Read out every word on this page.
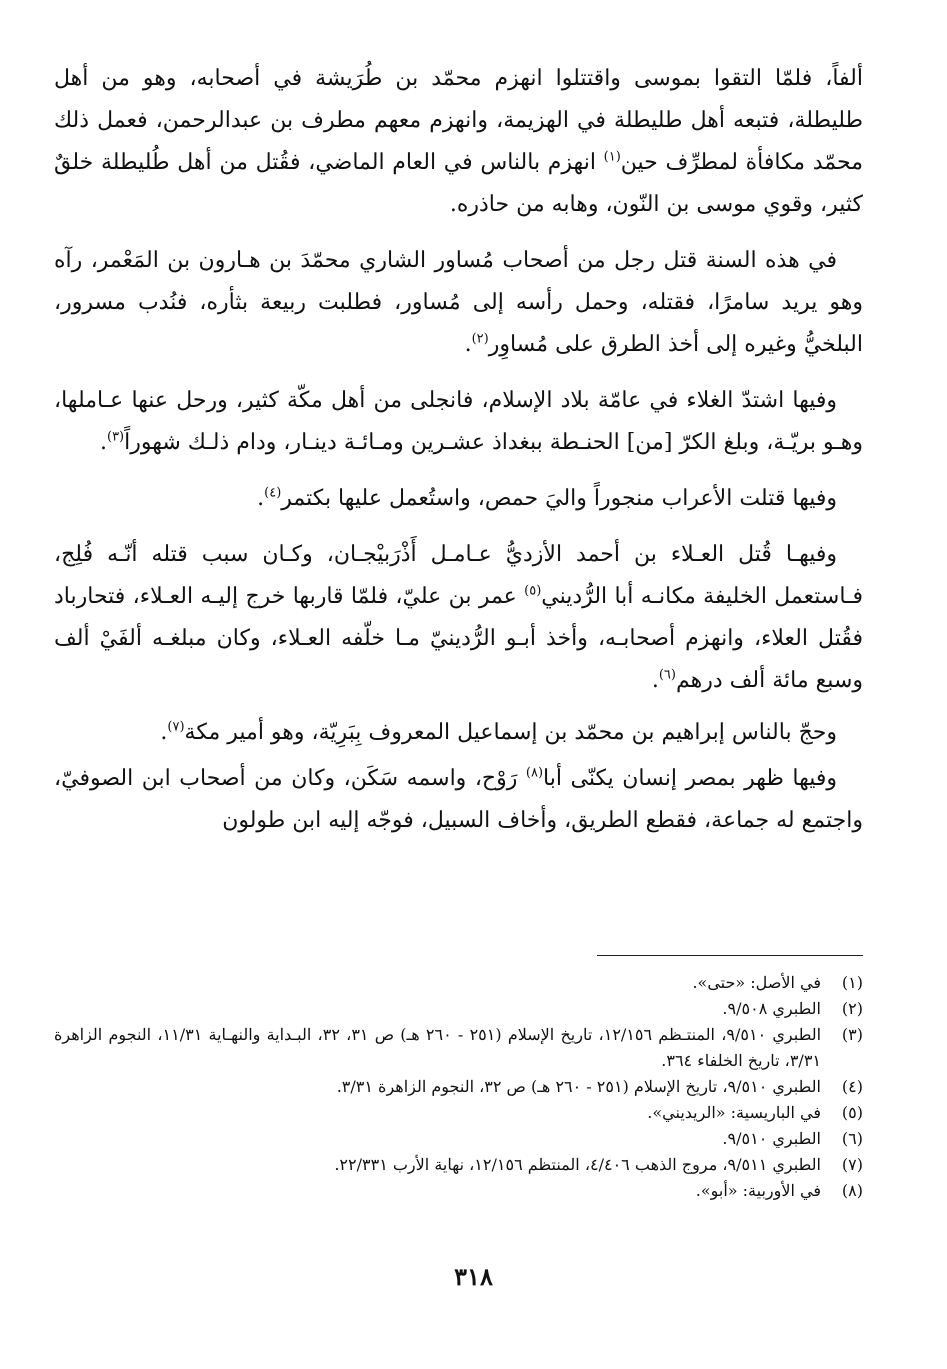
ألفاً، فلمّا التقوا بموسى واقتتلوا انهزم محمّد بن طُرَيشة في أصحابه، وهو من أهل طليطلة، فتبعه أهل طليطلة في الهزيمة، وانهزم معهم مطرف بن عبدالرحمن، فعمل ذلك محمّد مكافأة لمطرِّف حين$^{(١)}$ انهزم بالناس في العام الماضي، فقُتل من أهل طُليطلة خلقٌ كثير، وقوي موسى بن النّون، وهابه من حاذره.

في هذه السنة قتل رجل من أصحاب مُساور الشاري محمّدَ بن هـارون بن المَعْمر، رآه وهو يريد سامرًا، فقتله، وحمل رأسه إلى مُساور، فطلبت ربيعة بثأره، فنُدب مسرور، البلخيُّ وغيره إلى أخذ الطرق على مُساوِر$^{(٢)}$.

وفيها اشتدّ الغلاء في عامّة بلاد الإسلام، فانجلى من أهل مكّة كثير، ورحل عنها عـاملها، وهـو بريّـة، وبلغ الكرّ [من] الحنـطة ببغداذ عشـرين ومـائـة دينـار، ودام ذلـك شهوراً$^{(٣)}$.

وفيها قتلت الأعراب منجوراً واليَ حمص، واستُعمل عليها بكتمر$^{(٤)}$.

وفيهـا قُتل العـلاء بن أحمد الأزديُّ عـامـل أَذْرَبيْجـان، وكـان سبب قتله أنّـه فُلِج، فـاستعمل الخليفة مكانـه أبا الرُّديني$^{(٥)}$ عمر بن عليّ، فلمّا قاربها خرج إليـه العـلاء، فتحارباد فقُتل العلاء، وانهزم أصحابـه، وأخذ أبـو الرُّدينيّ مـا خلّفه العـلاء، وكان مبلغـه ألفَيْ ألف وسبع مائة ألف درهم$^{(٦)}$.

وحجّ بالناس إبراهيم بن محمّد بن إسماعيل المعروف بِبَرِيّة، وهو أمير مكة$^{(٧)}$.

وفيها ظهر بمصر إنسان يكنّى أبا$^{(٨)}$ رَوْح، واسمه سَكَن، وكان من أصحاب ابن الصوفيّ، واجتمع له جماعة، فقطع الطريق، وأخاف السبيل، فوجّه إليه ابن طولون

(١)
في الأصل: «حتى».
(٢)
الطبري ٩/٥٠٨.
(٣)
الطبري ٩/٥١٠، المنتـظم ١٢/١٥٦، تاريخ الإسلام (٢٥١ - ٢٦٠ هـ) ص ٣١، ٣٢، البـداية والنهـاية ١١/٣١، النجوم الزاهرة ٣/٣١، تاريخ الخلفاء ٣٦٤.
(٤)
الطبري ٩/٥١٠، تاريخ الإسلام (٢٥١ - ٢٦٠ هـ) ص ٣٢، النجوم الزاهرة ٣/٣١.
(٥)
في الباريسية: «الريديني».
(٦)
الطبري ٩/٥١٠.
(٧)
الطبري ٩/٥١١، مروج الذهب ٤/٤٠٦، المنتظم ١٢/١٥٦، نهاية الأرب ٢٢/٣٣١.
(٨)
في الأوربية: «أبو».
٣١٨
